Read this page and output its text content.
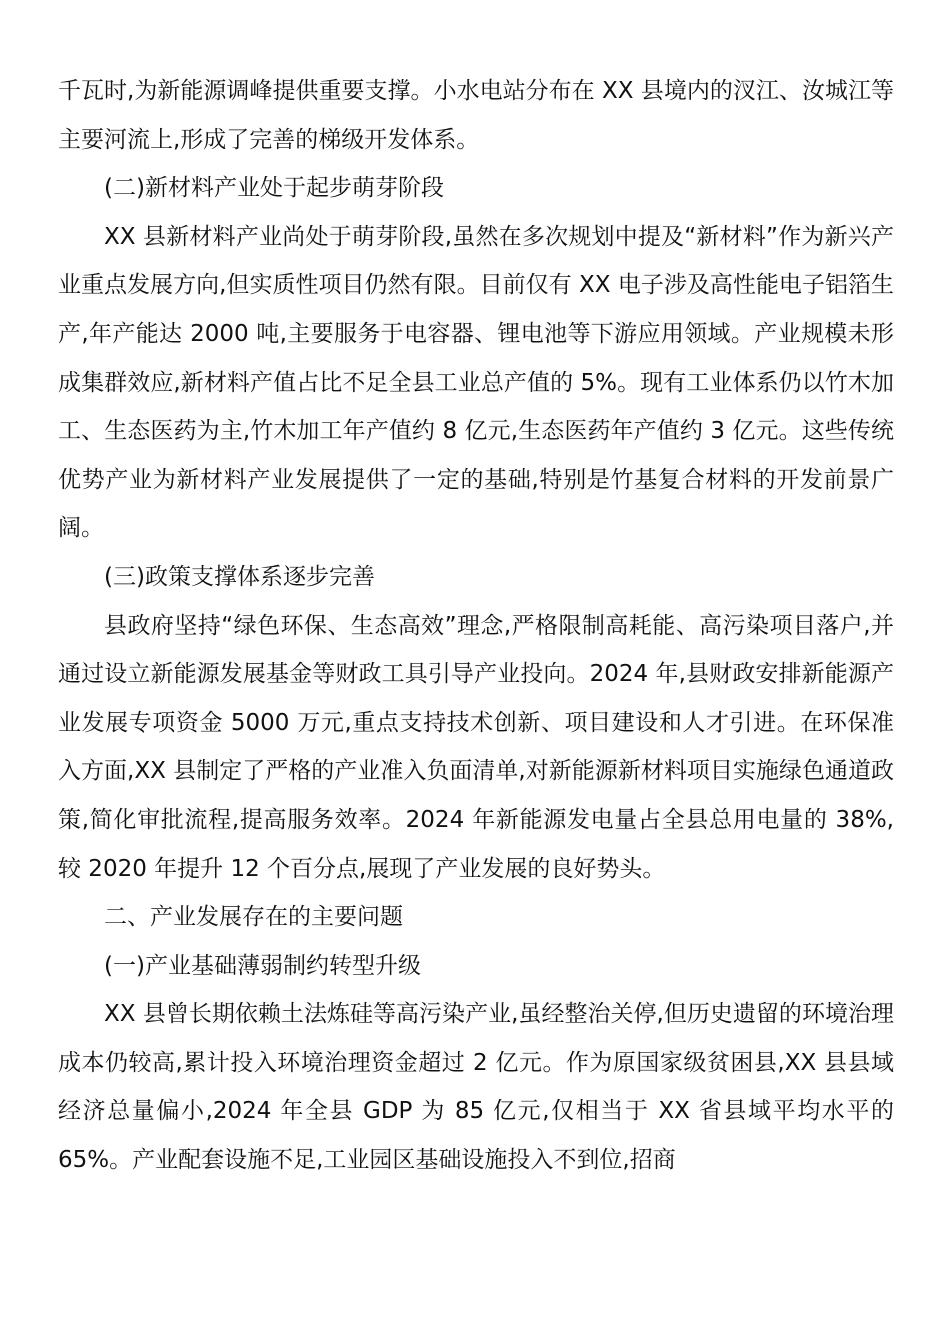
千瓦时,为新能源调峰提供重要支撑。小水电站分布在 XX 县境内的汊江、汝城江等主要河流上,形成了完善的梯级开发体系。

(二)新材料产业处于起步萌芽阶段

XX 县新材料产业尚处于萌芽阶段,虽然在多次规划中提及“新材料”作为新兴产业重点发展方向,但实质性项目仍然有限。目前仅有 XX 电子涉及高性能电子铝箔生产,年产能达 2000 吨,主要服务于电容器、锂电池等下游应用领域。产业规模未形成集群效应,新材料产值占比不足全县工业总产值的 5%。现有工业体系仍以竹木加工、生态医药为主,竹木加工年产值约 8 亿元,生态医药年产值约 3 亿元。这些传统优势产业为新材料产业发展提供了一定的基础,特别是竹基复合材料的开发前景广阔。

(三)政策支撑体系逐步完善

县政府坚持“绿色环保、生态高效”理念,严格限制高耗能、高污染项目落户,并通过设立新能源发展基金等财政工具引导产业投向。2024 年,县财政安排新能源产业发展专项资金 5000 万元,重点支持技术创新、项目建设和人才引进。在环保准入方面,XX 县制定了严格的产业准入负面清单,对新能源新材料项目实施绿色通道政策,简化审批流程,提高服务效率。2024 年新能源发电量占全县总用电量的 38%,较 2020 年提升 12 个百分点,展现了产业发展的良好势头。

二、产业发展存在的主要问题

(一)产业基础薄弱制约转型升级

XX 县曾长期依赖土法炼硅等高污染产业,虽经整治关停,但历史遗留的环境治理成本仍较高,累计投入环境治理资金超过 2 亿元。作为原国家级贫困县,XX 县县域经济总量偏小,2024 年全县 GDP 为 85 亿元,仅相当于 XX 省县域平均水平的 65%。产业配套设施不足,工业园区基础设施投入不到位,招商
